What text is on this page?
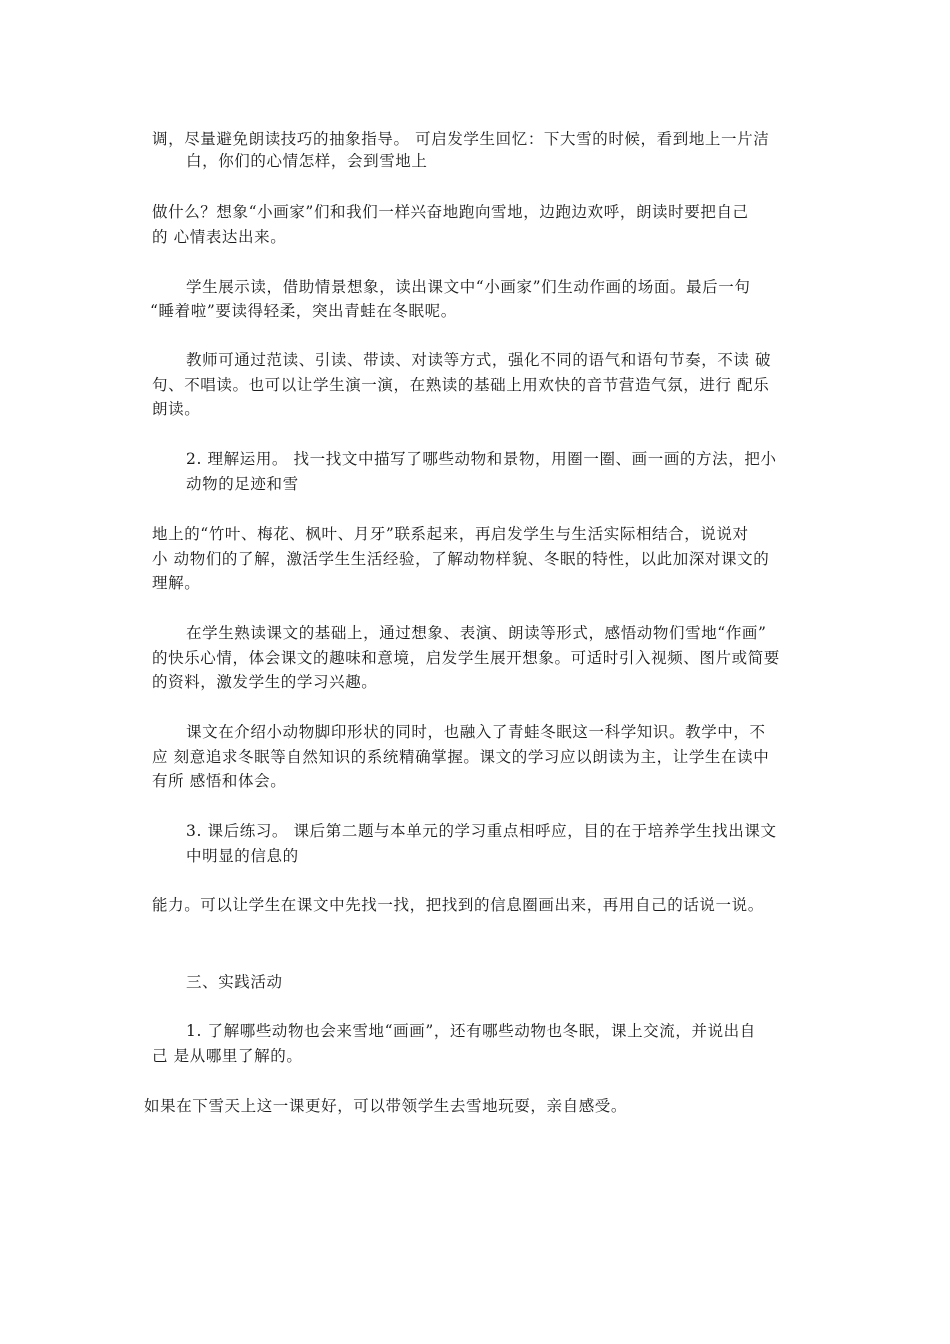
调，尽量避免朗读技巧的抽象指导。 可启发学生回忆：下大雪的时候，看到地上一片洁
白，你们的心情怎样，会到雪地上
做什么？想象“小画家”们和我们一样兴奋地跑向雪地，边跑边欢呼，朗读时要把自己
的 心情表达出来。
学生展示读，借助情景想象，读出课文中“小画家”们生动作画的场面。最后一句
“睡着啦”要读得轻柔，突出青蛙在冬眠呢。
教师可通过范读、引读、带读、对读等方式，强化不同的语气和语句节奏，不读 破
句、不唱读。也可以让学生演一演，在熟读的基础上用欢快的音节营造气氛，进行 配乐
朗读。
2. 理解运用。 找一找文中描写了哪些动物和景物，用圈一圈、画一画的方法，把小
动物的足迹和雪
地上的“竹叶、梅花、枫叶、月牙”联系起来，再启发学生与生活实际相结合，说说对
小 动物们的了解，激活学生生活经验，了解动物样貌、冬眠的特性，以此加深对课文的
理解。
在学生熟读课文的基础上，通过想象、表演、朗读等形式，感悟动物们雪地“作画”
的快乐心情，体会课文的趣味和意境，启发学生展开想象。可适时引入视频、图片或简要
的资料，激发学生的学习兴趣。
课文在介绍小动物脚印形状的同时，也融入了青蛙冬眠这一科学知识。教学中，不
应 刻意追求冬眠等自然知识的系统精确掌握。课文的学习应以朗读为主，让学生在读中
有所 感悟和体会。
3. 课后练习。 课后第二题与本单元的学习重点相呼应，目的在于培养学生找出课文
中明显的信息的
能力。可以让学生在课文中先找一找，把找到的信息圈画出来，再用自己的话说一说。
三、实践活动
1. 了解哪些动物也会来雪地“画画”，还有哪些动物也冬眠，课上交流，并说出自
己 是从哪里了解的。
如果在下雪天上这一课更好，可以带领学生去雪地玩耍，亲自感受。
